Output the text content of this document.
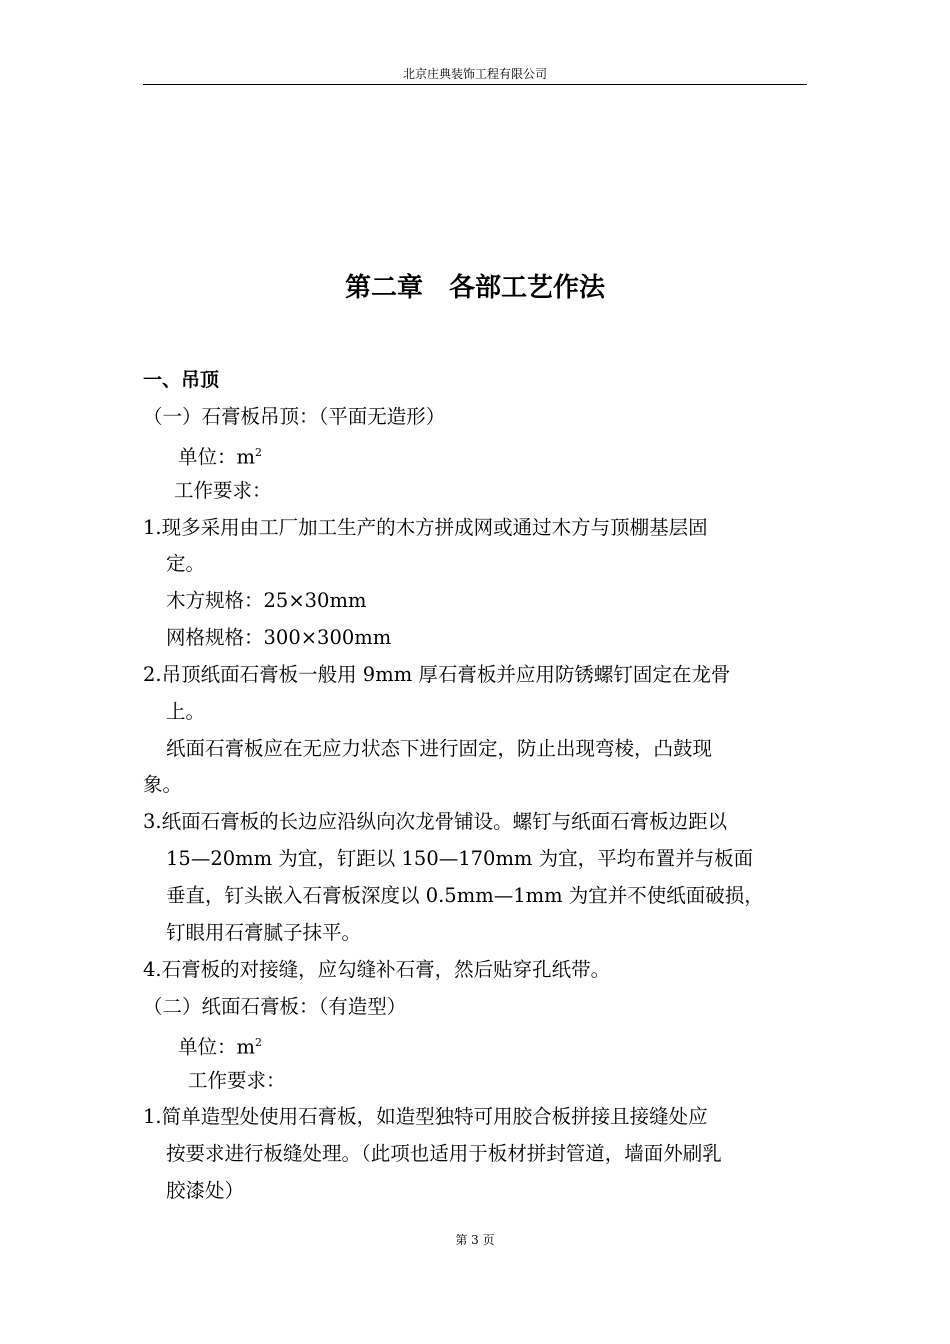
北京庄典装饰工程有限公司
第二章　各部工艺作法
一、吊顶
（一）石膏板吊顶：（平面无造形）
单位：$m^2$
工作要求：
1.现多采用由工厂加工生产的木方拼成网或通过木方与顶棚基层固
定。
木方规格：25×30mm
网格规格：300×300mm
2.吊顶纸面石膏板一般用 9mm 厚石膏板并应用防锈螺钉固定在龙骨
上。
纸面石膏板应在无应力状态下进行固定，防止出现弯棱，凸鼓现
象。
3.纸面石膏板的长边应沿纵向次龙骨铺设。螺钉与纸面石膏板边距以
15—20mm 为宜，钉距以 150—170mm 为宜，平均布置并与板面
垂直，钉头嵌入石膏板深度以 0.5mm—1mm 为宜并不使纸面破损，
钉眼用石膏腻子抹平。
4.石膏板的对接缝，应勾缝补石膏，然后贴穿孔纸带。
（二）纸面石膏板：（有造型）
单位：$m^2$
工作要求：
1.简单造型处使用石膏板，如造型独特可用胶合板拼接且接缝处应
按要求进行板缝处理。（此项也适用于板材拼封管道，墙面外刷乳
胶漆处）
第 3 页
